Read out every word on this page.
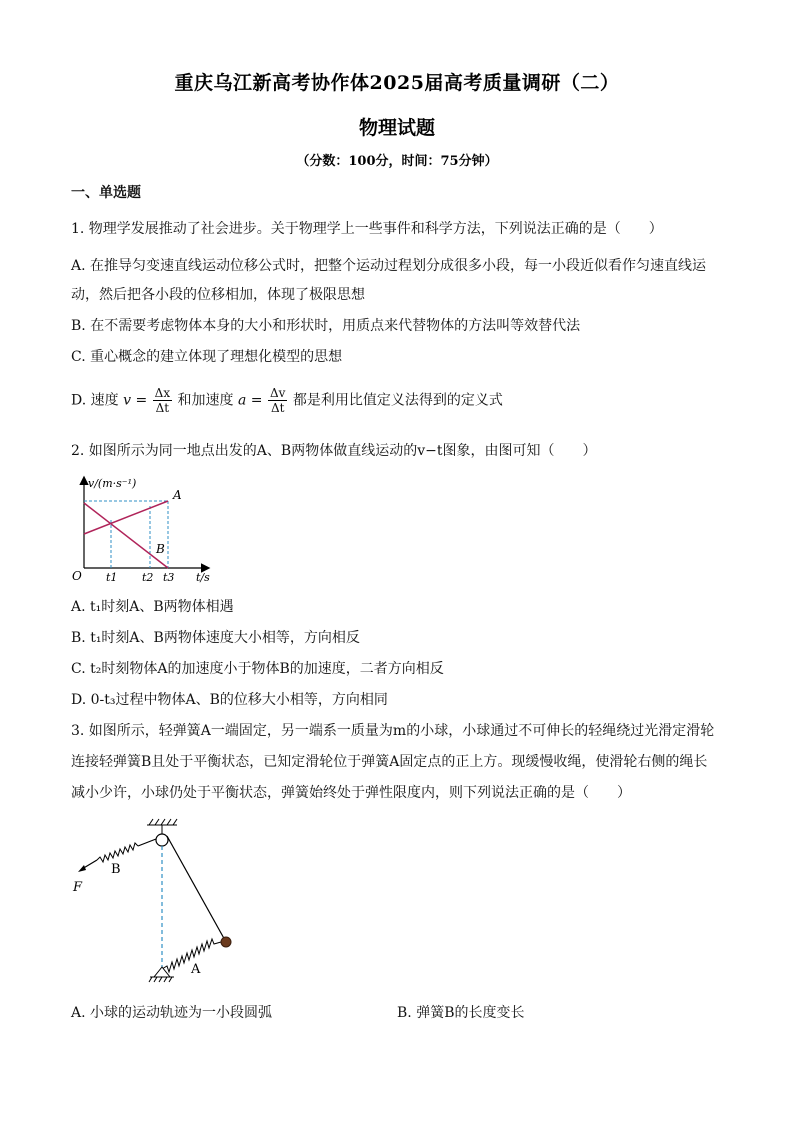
重庆乌江新高考协作体2025届高考质量调研（二）
物理试题
（分数：100分，时间：75分钟）
一、单选题
1. 物理学发展推动了社会进步。关于物理学上一些事件和科学方法，下列说法正确的是（　　）
A. 在推导匀变速直线运动位移公式时，把整个运动过程划分成很多小段，每一小段近似看作匀速直线运
动，然后把各小段的位移相加，体现了极限思想
B. 在不需要考虑物体本身的大小和形状时，用质点来代替物体的方法叫等效替代法
C. 重心概念的建立体现了理想化模型的思想
D. 速度 $v = \frac{\Delta x}{\Delta t}$ 和加速度 $a = \frac{\Delta v}{\Delta t}$ 都是利用比值定义法得到的定义式
2. 如图所示为同一地点出发的A、B两物体做直线运动的v−t图象，由图可知（　　）
v/(m·s⁻¹)
A
B
O t1 t2 t3 t/s
A. t₁时刻A、B两物体相遇
B. t₁时刻A、B两物体速度大小相等，方向相反
C. t₂时刻物体A的加速度小于物体B的加速度，二者方向相反
D. 0-t₃过程中物体A、B的位移大小相等，方向相同
3. 如图所示，轻弹簧A一端固定，另一端系一质量为m的小球，小球通过不可伸长的轻绳绕过光滑定滑轮
连接轻弹簧B且处于平衡状态，已知定滑轮位于弹簧A固定点的正上方。现缓慢收绳，使滑轮右侧的绳长
减小少许，小球仍处于平衡状态，弹簧始终处于弹性限度内，则下列说法正确的是（　　）
B
F
A
A. 小球的运动轨迹为一小段圆弧	B. 弹簧B的长度变长
